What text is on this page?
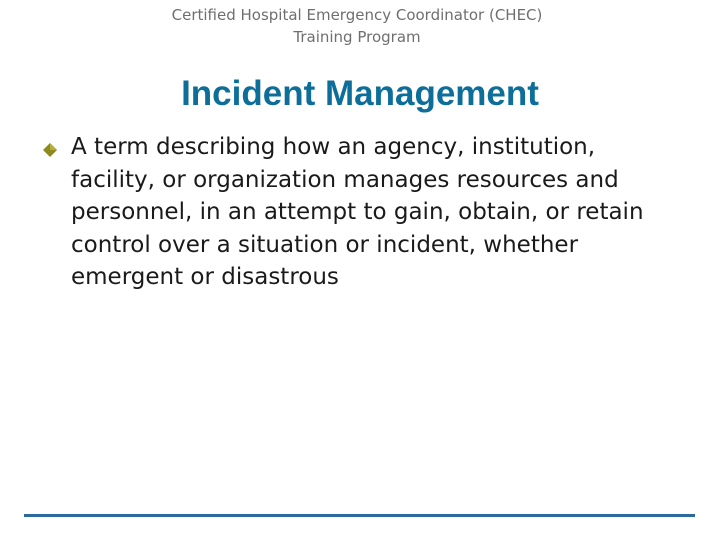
Certified Hospital Emergency Coordinator (CHEC)
Training Program
Incident Management
A term describing how an agency, institution, facility, or organization manages resources and personnel, in an attempt to gain, obtain, or retain control over a situation or incident, whether emergent or disastrous
